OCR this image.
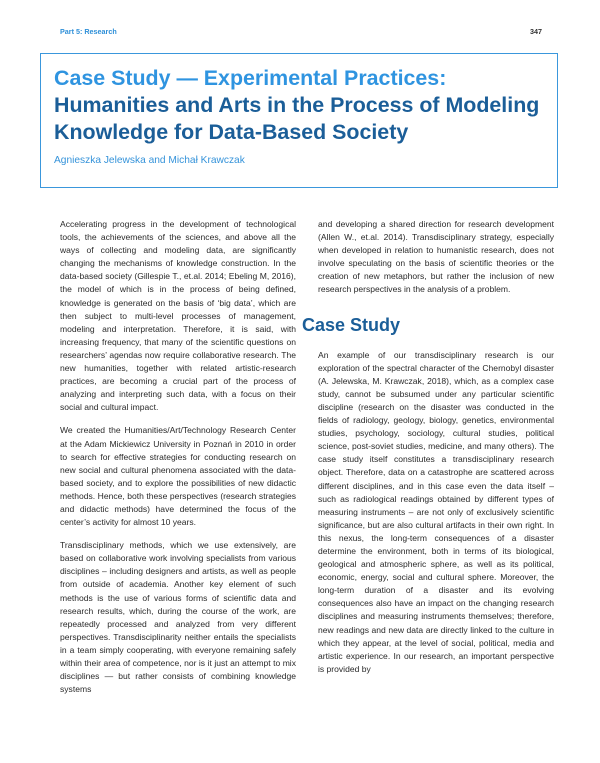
Part 5: Research	347
Case Study — Experimental Practices: Humanities and Arts in the Process of Modeling Knowledge for Data-Based Society
Agnieszka Jelewska and Michał Krawczak

Accelerating progress in the development of technological tools, the achievements of the sciences, and above all the ways of collecting and modeling data, are significantly changing the mechanisms of knowledge construction. In the data-based society (Gillespie T., et.al. 2014; Ebeling M, 2016), the model of which is in the process of being defined, knowledge is generated on the basis of ‘big data’, which are then subject to multi-level processes of management, modeling and interpretation. Therefore, it is said, with increasing frequency, that many of the scientific questions on researchers’ agendas now require collaborative research. The new humanities, together with related artistic-research practices, are becoming a crucial part of the process of analyzing and interpreting such data, with a focus on their social and cultural impact.

We created the Humanities/Art/Technology Research Center at the Adam Mickiewicz University in Poznań in 2010 in order to search for effective strategies for conducting research on new social and cultural phenomena associated with the data-based society, and to explore the possibilities of new didactic methods. Hence, both these perspectives (research strategies and didactic methods) have determined the focus of the center’s activity for almost 10 years.

Transdisciplinary methods, which we use extensively, are based on collaborative work involving specialists from various disciplines – including designers and artists, as well as people from outside of academia. Another key element of such methods is the use of various forms of scientific data and research results, which, during the course of the work, are repeatedly processed and analyzed from very different perspectives. Transdisciplinarity neither entails the specialists in a team simply cooperating, with everyone remaining safely within their area of competence, nor is it just an attempt to mix disciplines — but rather consists of combining knowledge systems

and developing a shared direction for research development (Allen W., et.al. 2014). Transdisciplinary strategy, especially when developed in relation to humanistic research, does not involve speculating on the basis of scientific theories or the creation of new metaphors, but rather the inclusion of new research perspectives in the analysis of a problem.

Case Study

An example of our transdisciplinary research is our exploration of the spectral character of the Chernobyl disaster (A. Jelewska, M. Krawczak, 2018), which, as a complex case study, cannot be subsumed under any particular scientific discipline (research on the disaster was conducted in the fields of radiology, geology, biology, genetics, environmental studies, psychology, sociology, cultural studies, political science, post-soviet studies, medicine, and many others). The case study itself constitutes a transdisciplinary research object. Therefore, data on a catastrophe are scattered across different disciplines, and in this case even the data itself – such as radiological readings obtained by different types of measuring instruments – are not only of exclusively scientific significance, but are also cultural artifacts in their own right. In this nexus, the long-term consequences of a disaster determine the environment, both in terms of its biological, geological and atmospheric sphere, as well as its political, economic, energy, social and cultural sphere. Moreover, the long-term duration of a disaster and its evolving consequences also have an impact on the changing research disciplines and measuring instruments themselves; therefore, new readings and new data are directly linked to the culture in which they appear, at the level of social, political, media and artistic experience. In our research, an important perspective is provided by
